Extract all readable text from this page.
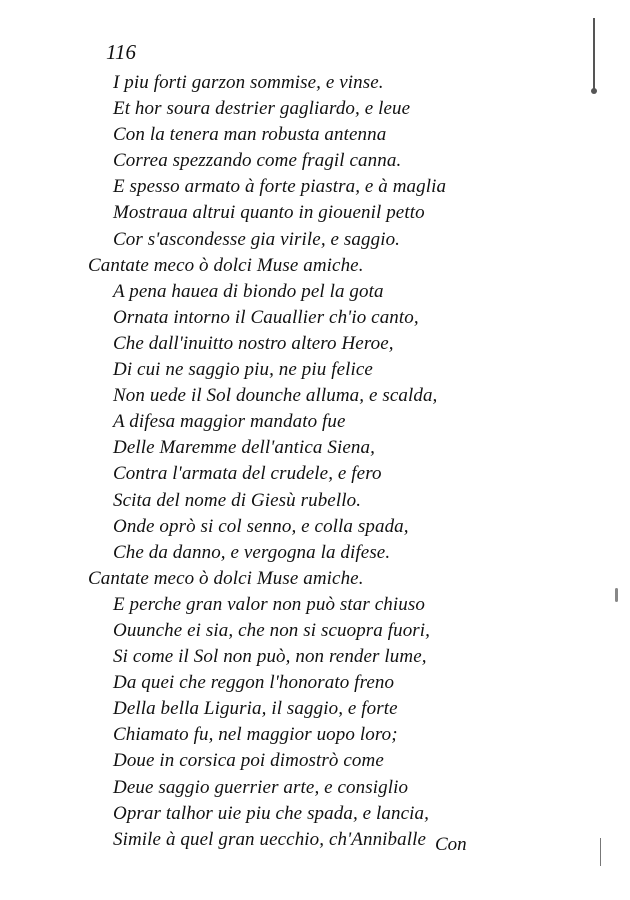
116
I piu forti garzon sommise, e vinse.
Et hor soura destrier gagliardo, e leue
Con la tenera man robusta antenna
Correa spezzando come fragil canna.
E spesso armato à forte piastra, e à maglia
Mostraua altrui quanto in giouenil petto
Cor s'ascondesse gia virile, e saggio.
Cantate meco ò dolci Muse amiche.
A pena hauea di biondo pel la gota
Ornata intorno il Cauallier ch'io canto,
Che dall'inuitto nostro altero Heroe,
Di cui ne saggio piu, ne piu felice
Non uede il Sol dounche alluma, e scalda,
A difesa maggior mandato fue
Delle Maremme dell'antica Siena,
Contra l'armata del crudele, e fero
Scita del nome di Giesù rubello.
Onde oprò si col senno, e colla spada,
Che da danno, e vergogna la difese.
Cantate meco ò dolci Muse amiche.
E perche gran valor non può star chiuso
Ouunche ei sia, che non si scuopra fuori,
Si come il Sol non può, non render lume,
Da quei che reggon l'honorato freno
Della bella Liguria, il saggio, e forte
Chiamato fu, nel maggior uopo loro;
Doue in corsica poi dimostrò come
Deue saggio guerrier arte, e consiglio
Oprar talhor uie piu che spada, e lancia,
Simile à quel gran uecchio, ch'Anniballe Con
